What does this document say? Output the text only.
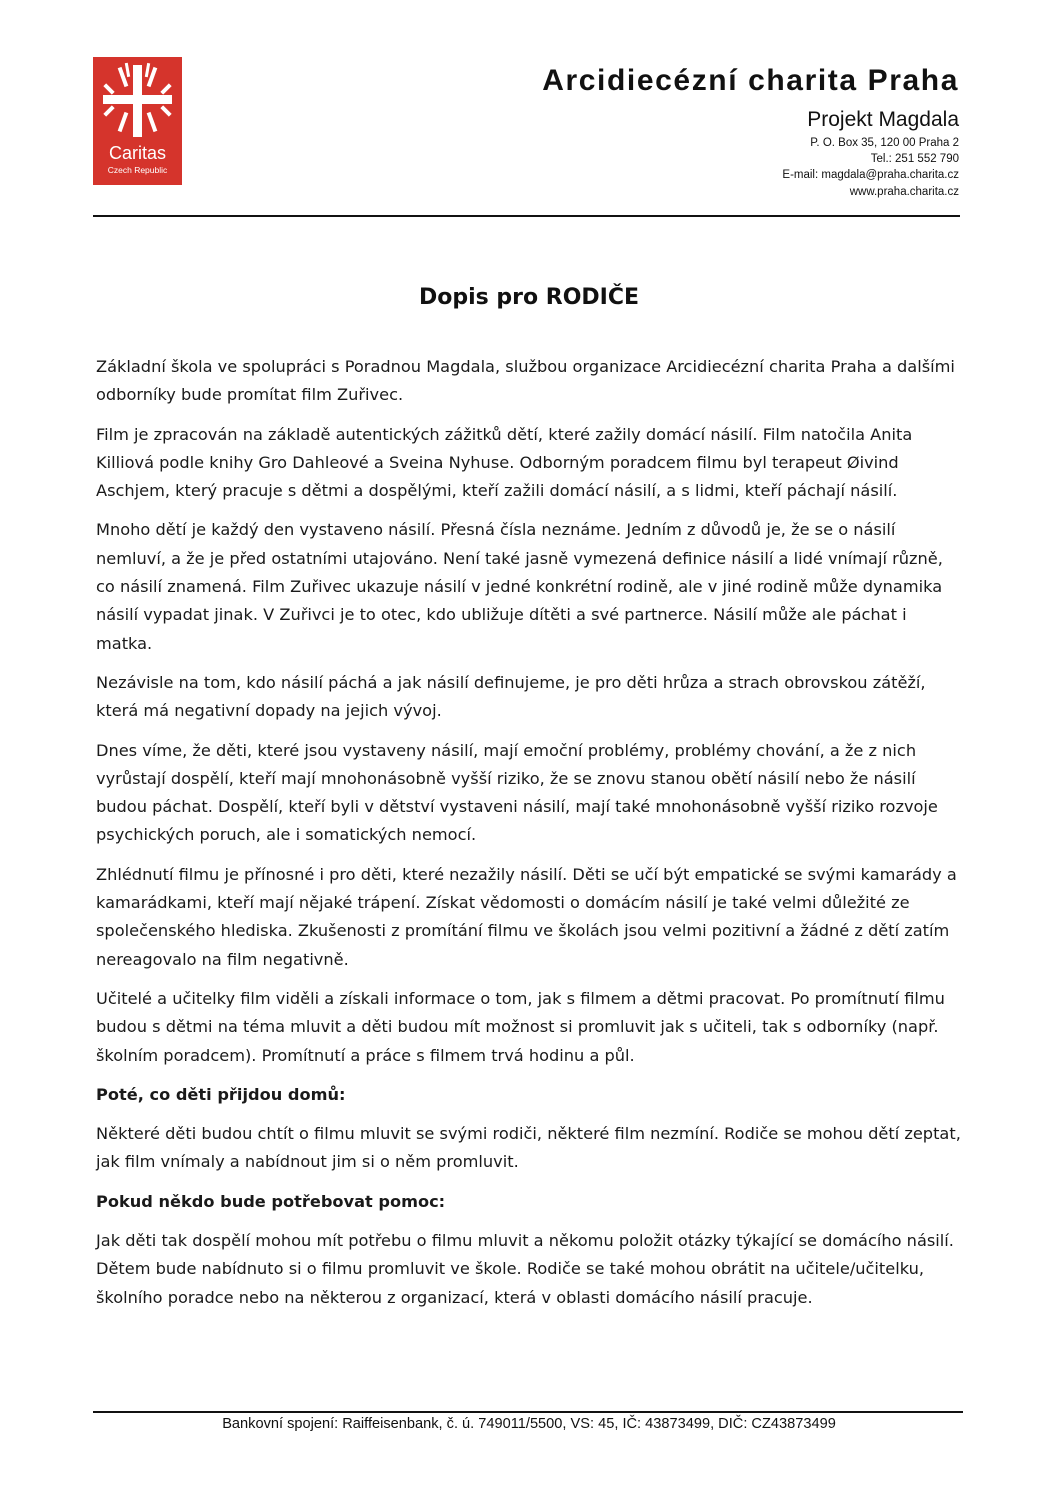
Caritas
Czech Republic
Arcidiecézní charita Praha
Projekt Magdala
P. O. Box 35, 120 00 Praha 2
Tel.: 251 552 790
E-mail: magdala@praha.charita.cz
www.praha.charita.cz
Dopis pro RODIČE

Základní škola ve spolupráci s Poradnou Magdala, službou organizace Arcidiecézní charita Praha a dalšími odborníky bude promítat film Zuřivec.

Film je zpracován na základě autentických zážitků dětí, které zažily domácí násilí. Film natočila Anita Killiová podle knihy Gro Dahleové a Sveina Nyhuse. Odborným poradcem filmu byl terapeut Øivind Aschjem, který pracuje s dětmi a dospělými, kteří zažili domácí násilí, a s lidmi, kteří páchají násilí.

Mnoho dětí je každý den vystaveno násilí. Přesná čísla neznáme. Jedním z důvodů je, že se o násilí nemluví, a že je před ostatními utajováno. Není také jasně vymezená definice násilí a lidé vnímají různě, co násilí znamená. Film Zuřivec ukazuje násilí v jedné konkrétní rodině, ale v jiné rodině může dynamika násilí vypadat jinak. V Zuřivci je to otec, kdo ubližuje dítěti a své partnerce. Násilí může ale páchat i matka.

Nezávisle na tom, kdo násilí páchá a jak násilí definujeme, je pro děti hrůza a strach obrovskou zátěží, která má negativní dopady na jejich vývoj.

Dnes víme, že děti, které jsou vystaveny násilí, mají emoční problémy, problémy chování, a že z nich vyrůstají dospělí, kteří mají mnohonásobně vyšší riziko, že se znovu stanou obětí násilí nebo že násilí budou páchat. Dospělí, kteří byli v dětství vystaveni násilí, mají také mnohonásobně vyšší riziko rozvoje psychických poruch, ale i somatických nemocí.

Zhlédnutí filmu je přínosné i pro děti, které nezažily násilí. Děti se učí být empatické se svými kamarády a kamarádkami, kteří mají nějaké trápení. Získat vědomosti o domácím násilí je také velmi důležité ze společenského hlediska. Zkušenosti z promítání filmu ve školách jsou velmi pozitivní a žádné z dětí zatím nereagovalo na film negativně.

Učitelé a učitelky film viděli a získali informace o tom, jak s filmem a dětmi pracovat. Po promítnutí filmu budou s dětmi na téma mluvit a děti budou mít možnost si promluvit jak s učiteli, tak s odborníky (např. školním poradcem). Promítnutí a práce s filmem trvá hodinu a půl.

Poté, co děti přijdou domů:

Některé děti budou chtít o filmu mluvit se svými rodiči, některé film nezmíní. Rodiče se mohou dětí zeptat, jak film vnímaly a nabídnout jim si o něm promluvit.

Pokud někdo bude potřebovat pomoc:

Jak děti tak dospělí mohou mít potřebu o filmu mluvit a někomu položit otázky týkající se domácího násilí. Dětem bude nabídnuto si o filmu promluvit ve škole. Rodiče se také mohou obrátit na učitele/učitelku, školního poradce nebo na některou z organizací, která v oblasti domácího násilí pracuje.

Bankovní spojení: Raiffeisenbank, č. ú. 749011/5500, VS: 45, IČ: 43873499, DIČ: CZ43873499
